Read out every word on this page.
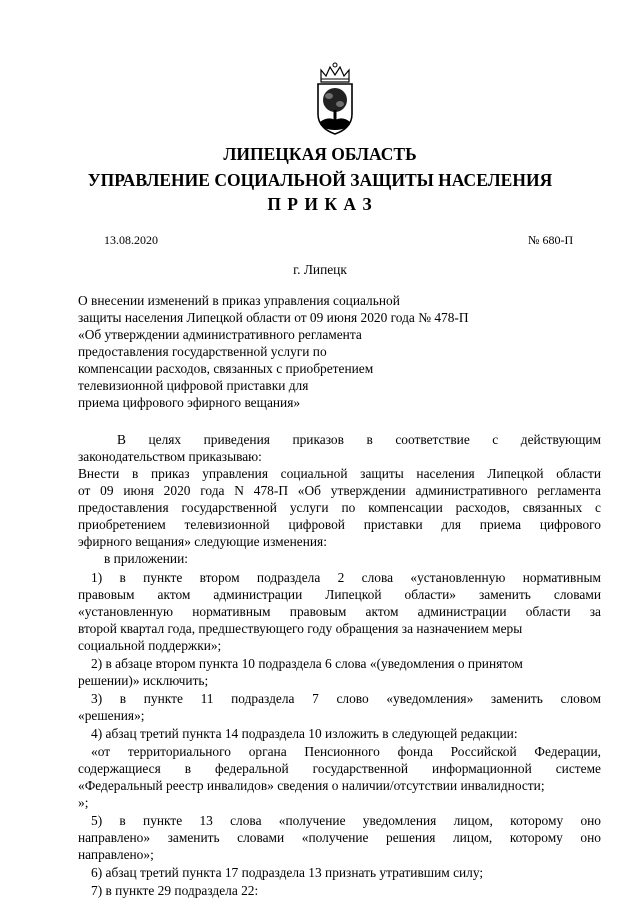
ЛИПЕЦКАЯ ОБЛАСТЬ
УПРАВЛЕНИЕ СОЦИАЛЬНОЙ ЗАЩИТЫ НАСЕЛЕНИЯ
П Р И К А З
13.08.2020	№ 680-П
г. Липецк
О внесении изменений в приказ управления социальной
защиты населения Липецкой области от 09 июня 2020 года № 478-П
«Об утверждении административного регламента
предоставления государственной услуги по
компенсации расходов, связанных с приобретением
телевизионной цифровой приставки для
приема цифрового эфирного вещания»
В целях приведения приказов в соответствие с действующим
законодательством приказываю:
Внести в приказ управления социальной защиты населения Липецкой области
от 09 июня 2020 года N 478-П «Об утверждении административного регламента
предоставления государственной услуги по компенсации расходов, связанных с
приобретением телевизионной цифровой приставки для приема цифрового
эфирного вещания» следующие изменения:
в приложении:
1) в пункте втором подраздела 2 слова «установленную нормативным
правовым актом администрации Липецкой области» заменить словами
«установленную нормативным правовым актом администрации области за
второй квартал года, предшествующего году обращения за назначением меры
социальной поддержки»;
2) в абзаце втором пункта 10 подраздела 6 слова «(уведомления о принятом
решении)» исключить;
3) в пункте 11 подраздела 7 слово «уведомления» заменить словом
«решения»;
4) абзац третий пункта 14 подраздела 10 изложить в следующей редакции:
«от территориального органа Пенсионного фонда Российской Федерации,
содержащиеся в федеральной государственной информационной системе
«Федеральный реестр инвалидов» сведения о наличии/отсутствии инвалидности;
»;
5) в пункте 13 слова «получение уведомления лицом, которому оно
направлено» заменить словами «получение решения лицом, которому оно
направлено»;
6) абзац третий пункта 17 подраздела 13 признать утратившим силу;
7) в пункте 29 подраздела 22:
